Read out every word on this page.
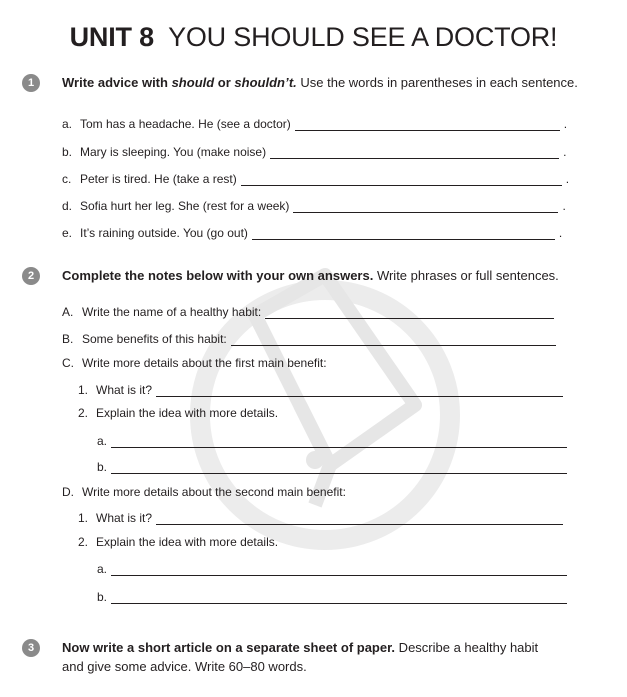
UNIT 8 YOU SHOULD SEE A DOCTOR!
1	Write advice with should or shouldn’t. Use the words in parentheses in each sentence.
a. Tom has a headache. He (see a doctor)	.
b. Mary is sleeping. You (make noise)	.
c. Peter is tired. He (take a rest)	.
d. Sofia hurt her leg. She (rest for a week)	.
e. It’s raining outside. You (go out)	.
2	Complete the notes below with your own answers. Write phrases or full sentences.
A. Write the name of a healthy habit:
B. Some benefits of this habit:
C. Write more details about the first main benefit:
1. What is it?
2. Explain the idea with more details.
a.
b.
D. Write more details about the second main benefit:
1. What is it?
2. Explain the idea with more details.
a.
b.
3	Now write a short article on a separate sheet of paper. Describe a healthy habit
and give some advice. Write 60–80 words.
